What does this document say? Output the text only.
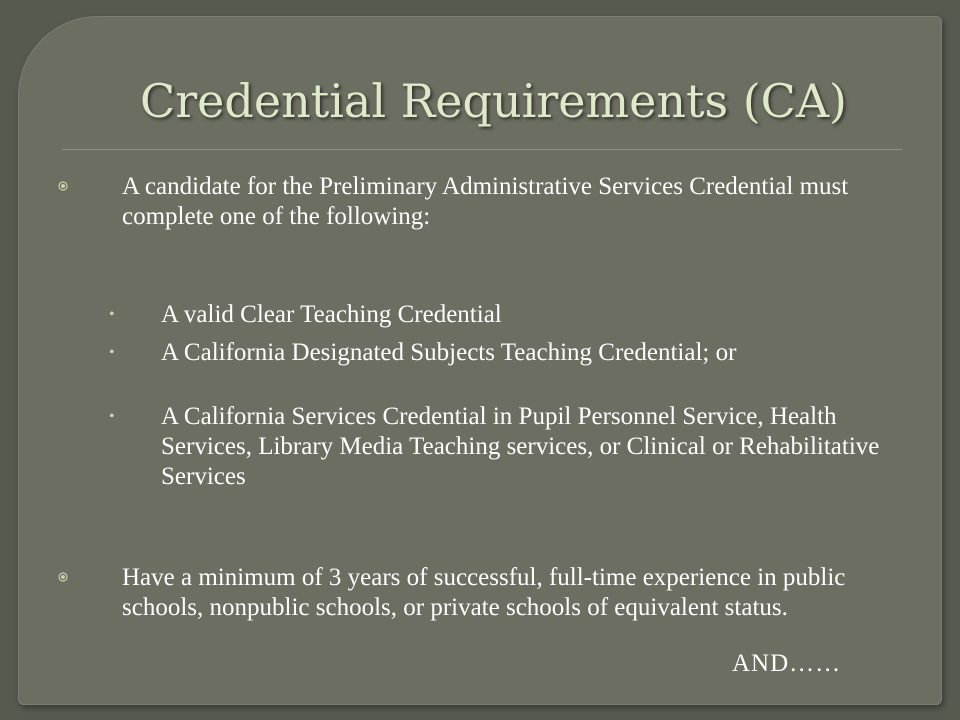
Credential Requirements (CA)
A candidate for the Preliminary Administrative Services Credential must complete one of the following:
• A valid Clear Teaching Credential
• A California Designated Subjects Teaching Credential; or
• A California Services Credential in Pupil Personnel Service, Health Services, Library Media Teaching services, or Clinical or Rehabilitative Services
Have a minimum of 3 years of successful, full-time experience in public schools, nonpublic schools, or private schools of equivalent status.
AND……
